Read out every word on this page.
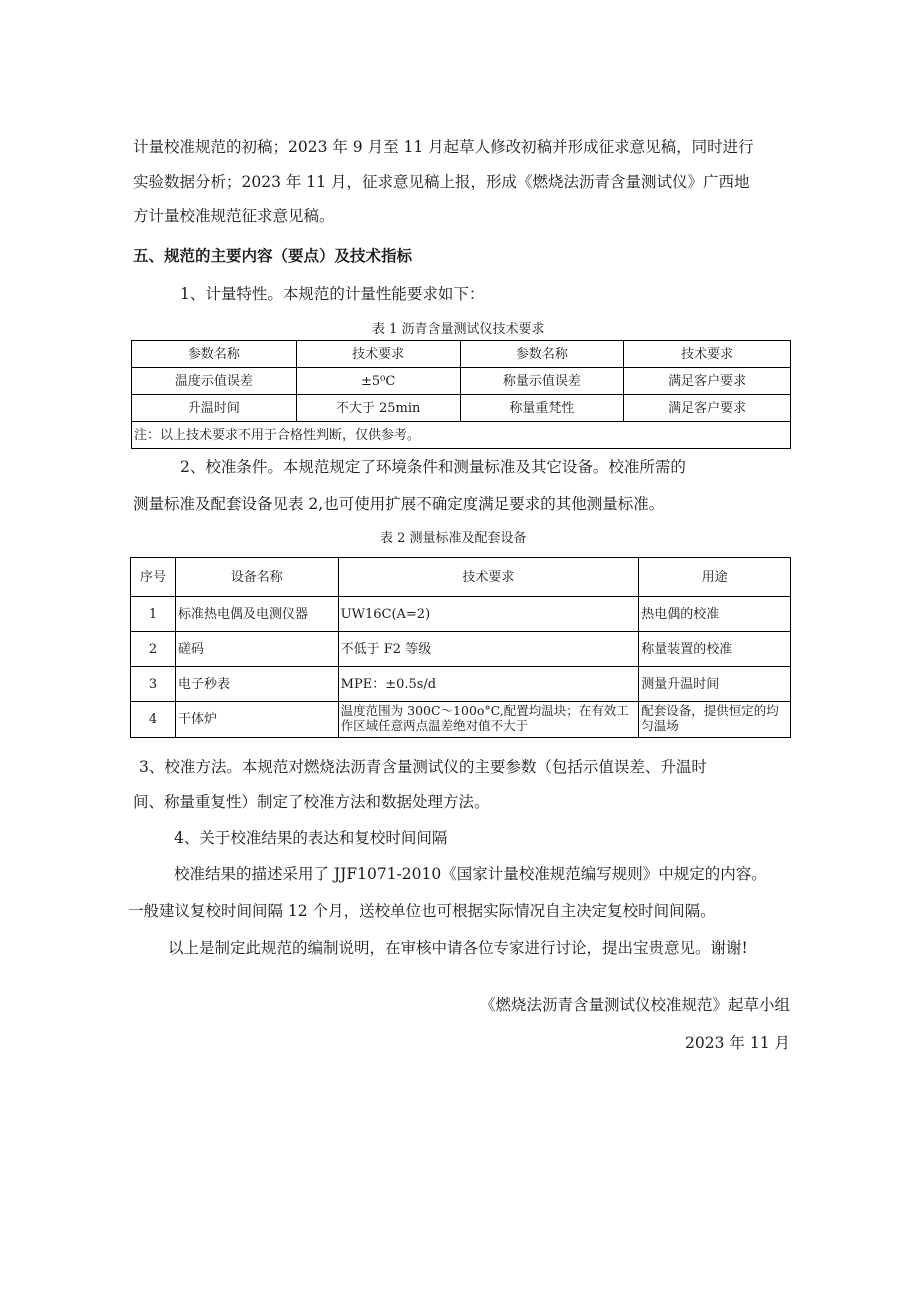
计量校准规范的初稿；2023 年 9 月至 11 月起草人修改初稿并形成征求意见稿，同时进行
实验数据分析；2023 年 11 月，征求意见稿上报，形成《燃烧法沥青含量测试仪》广西地
方计量校准规范征求意见稿。
五、规范的主要内容（要点）及技术指标
1、计量特性。本规范的计量性能要求如下：
表 1 沥青含量测试仪技术要求
参数名称	技术要求	参数名称	技术要求
温度示值误差	±5⁰C	称量示值误差	满足客户要求
升温时间	不大于 25min	称量重梵性	满足客户要求
注：以上技术要求不用于合格性判断，仅供参考。			
2、校准条件。本规范规定了环境条件和测量标准及其它设备。校准所需的
测量标准及配套设备见表 2,也可使用扩展不确定度满足要求的其他测量标准。
表 2 测量标准及配套设备
序号	设备名称	技术要求	用途
1	标准热电偶及电测仪器	UW16C(A=2)	热电偶的校准
2	磋码	不低于 F2 等级	称量装置的校准
3	电子秒表	MPE：±0.5s∕d	测量升温时间
4	干体炉	温度范围为 300C～100o°C,配置均温块；在有效工作区域任意两点温差绝对值不大于	配套设备，提供恒定的均匀温场
3、校准方法。本规范对燃烧法沥青含量测试仪的主要参数（包括示值误差、升温时
间、称量重复性）制定了校准方法和数据处理方法。
4、关于校准结果的表达和复校时间间隔
校准结果的描述采用了 JJF1071-2010《国家计量校准规范编写规则》中规定的内容。
一般建议复校时间间隔 12 个月，送校单位也可根据实际情况自主决定复校时间间隔。
以上是制定此规范的编制说明，在审核中请各位专家进行讨论，提出宝贵意见。谢谢!
《燃烧法沥青含量测试仪校准规范》起草小组
2023 年 11 月
